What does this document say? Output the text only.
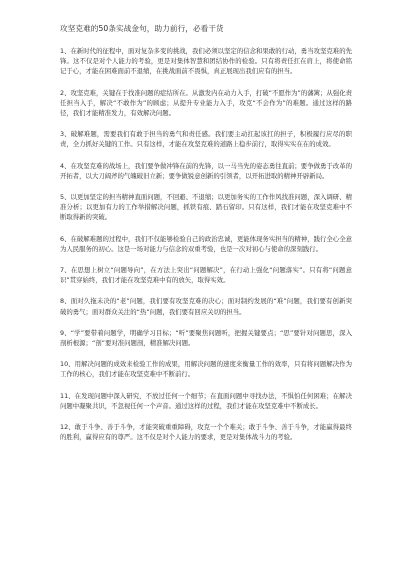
攻坚克难的50条实战金句，助力前行，必看干货

1、在新时代的征程中，面对复杂多变的挑战，我们必须以坚定的信念和果敢的行动，勇当攻坚克难的先锋。这不仅是对个人能力的考验，更是对集体智慧和团结协作的检验。只有将责任扛在肩上，将使命铭记于心，才能在困难面前不退缩，在挑战面前不畏惧，真正展现出我们应有的担当。

2、攻坚克难，关键在于找准问题的症结所在。从激发内在动力入手，打破“不愿作为”的藩篱；从强化责任担当入手，解决“不敢作为”的顾虑；从提升专业能力入手，攻克“不会作为”的难题。通过这样的路径，我们才能精准发力，有效解决问题。

3、破解难题，需要我们有敢于担当的勇气和责任感。我们要主动扛起该扛的担子，积极履行应尽的职责，全力抓好关键的工作。只有这样，才能在攻坚克难的道路上稳步前行，取得实实在在的成效。

4、在攻坚克难的战场上，我们要争做冲锋在前的先锋，以一马当先的姿态勇往直前；要争做勇于改革的开拓者，以大刀阔斧的气魄破旧立新；要争做锐意创新的引领者，以开拓进取的精神开辟新局。

5、以更加坚定的担当精神直面问题，不回避、不退缩；以更加务实的工作作风找准问题，深入调研、精准分析；以更加有力的工作举措解决问题，抓铁有痕、踏石留印。只有这样，我们才能在攻坚克难中不断取得新的突破。

6、在破解难题的过程中，我们不仅能够检验自己的政治忠诚，更能体现务实担当的精神，践行全心全意为人民服务的初心。这是一场对能力与信念的双重考验，也是一次对初心与使命的深刻践行。

7、在思想上树立“问题导向”，在方法上突出“问题解决”，在行动上强化“问题落实”。只有将“问题意识”贯穿始终，我们才能在攻坚克难中有的放矢，取得实效。

8、面对久拖未决的“老”问题，我们要有攻坚克难的决心；面对制约发展的“难”问题，我们要有创新突破的勇气；面对群众关注的“热”问题，我们要有回应关切的担当。

9、“学”要带着问题学，明确学习目标；“听”要聚焦问题听，把握关键要点；“思”要针对问题思，深入剖析根源；“剖”要对准问题剖，精准解决问题。

10、用解决问题的成效来检验工作的成果，用解决问题的速度来衡量工作的效率，只有将问题解决作为工作的核心，我们才能在攻坚克难中不断前行。

11、在发现问题中深入研究，不放过任何一个细节；在直面问题中寻找办法，不惧怕任何困难；在解决问题中凝聚共识，不忽视任何一个声音。通过这样的过程，我们才能在攻坚克难中不断成长。

12、敢于斗争、善于斗争，才能突破重重障碍，攻克一个个难关；敢于斗争、善于斗争，才能赢得最终的胜利，赢得应有的尊严。这不仅是对个人能力的要求，更是对集体战斗力的考验。
